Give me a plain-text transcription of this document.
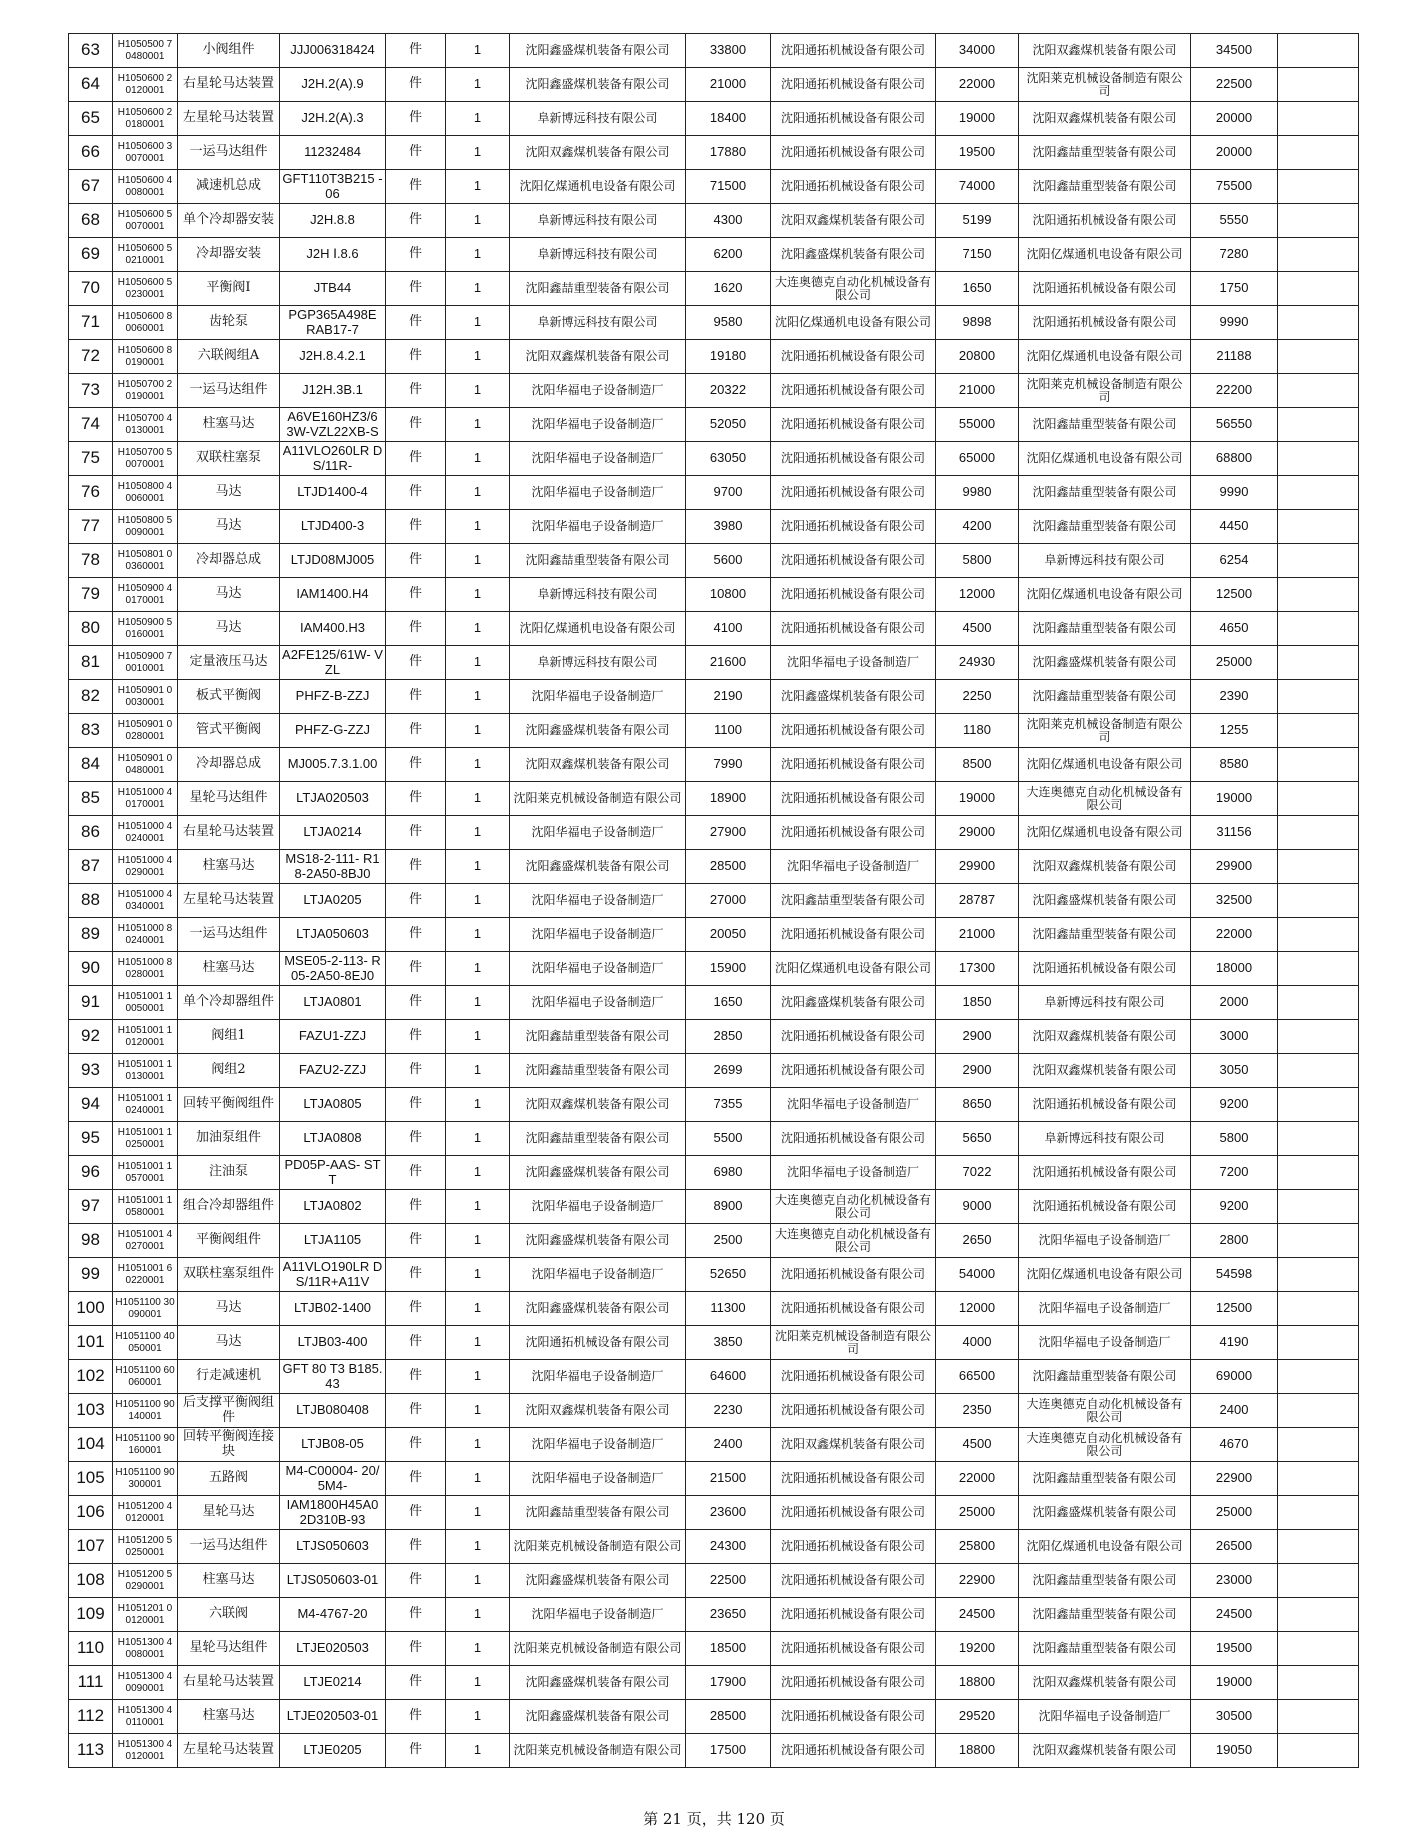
63	H1050500 70480001	小阀组件	JJJ006318424	件	1	沈阳鑫盛煤机装备有限公司	33800	沈阳通拓机械设备有限公司	34000	沈阳双鑫煤机装备有限公司	34500	
64	H1050600 20120001	右星轮马达装置	J2H.2(A).9	件	1	沈阳鑫盛煤机装备有限公司	21000	沈阳通拓机械设备有限公司	22000	沈阳莱克机械设备制造有限公司	22500	
65	H1050600 20180001	左星轮马达装置	J2H.2(A).3	件	1	阜新博远科技有限公司	18400	沈阳通拓机械设备有限公司	19000	沈阳双鑫煤机装备有限公司	20000	
66	H1050600 30070001	一运马达组件	11232484	件	1	沈阳双鑫煤机装备有限公司	17880	沈阳通拓机械设备有限公司	19500	沈阳鑫喆重型装备有限公司	20000	
67	H1050600 40080001	减速机总成	GFT110T3B215 -06	件	1	沈阳亿煤通机电设备有限公司	71500	沈阳通拓机械设备有限公司	74000	沈阳鑫喆重型装备有限公司	75500	
68	H1050600 50070001	单个冷却器安装	J2H.8.8	件	1	阜新博远科技有限公司	4300	沈阳双鑫煤机装备有限公司	5199	沈阳通拓机械设备有限公司	5550	
69	H1050600 50210001	冷却器安装	J2H Ⅰ.8.6	件	1	阜新博远科技有限公司	6200	沈阳鑫盛煤机装备有限公司	7150	沈阳亿煤通机电设备有限公司	7280	
70	H1050600 50230001	平衡阀Ⅰ	JTB44	件	1	沈阳鑫喆重型装备有限公司	1620	大连奥德克自动化机械设备有限公司	1650	沈阳通拓机械设备有限公司	1750	
71	H1050600 80060001	齿轮泵	PGP365A498E RAB17-7	件	1	阜新博远科技有限公司	9580	沈阳亿煤通机电设备有限公司	9898	沈阳通拓机械设备有限公司	9990	
72	H1050600 80190001	六联阀组A	J2H.8.4.2.1	件	1	沈阳双鑫煤机装备有限公司	19180	沈阳通拓机械设备有限公司	20800	沈阳亿煤通机电设备有限公司	21188	
73	H1050700 20190001	一运马达组件	J12H.3B.1	件	1	沈阳华福电子设备制造厂	20322	沈阳通拓机械设备有限公司	21000	沈阳莱克机械设备制造有限公司	22200	
74	H1050700 40130001	柱塞马达	A6VE160HZ3/6 3W-VZL22XB-S	件	1	沈阳华福电子设备制造厂	52050	沈阳通拓机械设备有限公司	55000	沈阳鑫喆重型装备有限公司	56550	
75	H1050700 50070001	双联柱塞泵	A11VLO260LR DS/11R-	件	1	沈阳华福电子设备制造厂	63050	沈阳通拓机械设备有限公司	65000	沈阳亿煤通机电设备有限公司	68800	
76	H1050800 40060001	马达	LTJD1400-4	件	1	沈阳华福电子设备制造厂	9700	沈阳通拓机械设备有限公司	9980	沈阳鑫喆重型装备有限公司	9990	
77	H1050800 50090001	马达	LTJD400-3	件	1	沈阳华福电子设备制造厂	3980	沈阳通拓机械设备有限公司	4200	沈阳鑫喆重型装备有限公司	4450	
78	H1050801 00360001	冷却器总成	LTJD08MJ005	件	1	沈阳鑫喆重型装备有限公司	5600	沈阳通拓机械设备有限公司	5800	阜新博远科技有限公司	6254	
79	H1050900 40170001	马达	IAM1400.H4	件	1	阜新博远科技有限公司	10800	沈阳通拓机械设备有限公司	12000	沈阳亿煤通机电设备有限公司	12500	
80	H1050900 50160001	马达	IAM400.H3	件	1	沈阳亿煤通机电设备有限公司	4100	沈阳通拓机械设备有限公司	4500	沈阳鑫喆重型装备有限公司	4650	
81	H1050900 70010001	定量液压马达	A2FE125/61W- VZL	件	1	阜新博远科技有限公司	21600	沈阳华福电子设备制造厂	24930	沈阳鑫盛煤机装备有限公司	25000	
82	H1050901 00030001	板式平衡阀	PHFZ-B-ZZJ	件	1	沈阳华福电子设备制造厂	2190	沈阳鑫盛煤机装备有限公司	2250	沈阳鑫喆重型装备有限公司	2390	
83	H1050901 00280001	管式平衡阀	PHFZ-G-ZZJ	件	1	沈阳鑫盛煤机装备有限公司	1100	沈阳通拓机械设备有限公司	1180	沈阳莱克机械设备制造有限公司	1255	
84	H1050901 00480001	冷却器总成	MJ005.7.3.1.00	件	1	沈阳双鑫煤机装备有限公司	7990	沈阳通拓机械设备有限公司	8500	沈阳亿煤通机电设备有限公司	8580	
85	H1051000 40170001	星轮马达组件	LTJA020503	件	1	沈阳莱克机械设备制造有限公司	18900	沈阳通拓机械设备有限公司	19000	大连奥德克自动化机械设备有限公司	19000	
86	H1051000 40240001	右星轮马达装置	LTJA0214	件	1	沈阳华福电子设备制造厂	27900	沈阳通拓机械设备有限公司	29000	沈阳亿煤通机电设备有限公司	31156	
87	H1051000 40290001	柱塞马达	MS18-2-111- R18-2A50-8BJ0	件	1	沈阳鑫盛煤机装备有限公司	28500	沈阳华福电子设备制造厂	29900	沈阳双鑫煤机装备有限公司	29900	
88	H1051000 40340001	左星轮马达装置	LTJA0205	件	1	沈阳华福电子设备制造厂	27000	沈阳鑫喆重型装备有限公司	28787	沈阳鑫盛煤机装备有限公司	32500	
89	H1051000 80240001	一运马达组件	LTJA050603	件	1	沈阳华福电子设备制造厂	20050	沈阳通拓机械设备有限公司	21000	沈阳鑫喆重型装备有限公司	22000	
90	H1051000 80280001	柱塞马达	MSE05-2-113- R05-2A50-8EJ0	件	1	沈阳华福电子设备制造厂	15900	沈阳亿煤通机电设备有限公司	17300	沈阳通拓机械设备有限公司	18000	
91	H1051001 10050001	单个冷却器组件	LTJA0801	件	1	沈阳华福电子设备制造厂	1650	沈阳鑫盛煤机装备有限公司	1850	阜新博远科技有限公司	2000	
92	H1051001 10120001	阀组1	FAZU1-ZZJ	件	1	沈阳鑫喆重型装备有限公司	2850	沈阳通拓机械设备有限公司	2900	沈阳双鑫煤机装备有限公司	3000	
93	H1051001 10130001	阀组2	FAZU2-ZZJ	件	1	沈阳鑫喆重型装备有限公司	2699	沈阳通拓机械设备有限公司	2900	沈阳双鑫煤机装备有限公司	3050	
94	H1051001 10240001	回转平衡阀组件	LTJA0805	件	1	沈阳双鑫煤机装备有限公司	7355	沈阳华福电子设备制造厂	8650	沈阳通拓机械设备有限公司	9200	
95	H1051001 10250001	加油泵组件	LTJA0808	件	1	沈阳鑫喆重型装备有限公司	5500	沈阳通拓机械设备有限公司	5650	阜新博远科技有限公司	5800	
96	H1051001 10570001	注油泵	PD05P-AAS- STT	件	1	沈阳鑫盛煤机装备有限公司	6980	沈阳华福电子设备制造厂	7022	沈阳通拓机械设备有限公司	7200	
97	H1051001 10580001	组合冷却器组件	LTJA0802	件	1	沈阳华福电子设备制造厂	8900	大连奥德克自动化机械设备有限公司	9000	沈阳通拓机械设备有限公司	9200	
98	H1051001 40270001	平衡阀组件	LTJA1105	件	1	沈阳鑫盛煤机装备有限公司	2500	大连奥德克自动化机械设备有限公司	2650	沈阳华福电子设备制造厂	2800	
99	H1051001 60220001	双联柱塞泵组件	A11VLO190LR DS/11R+A11V	件	1	沈阳华福电子设备制造厂	52650	沈阳通拓机械设备有限公司	54000	沈阳亿煤通机电设备有限公司	54598	
100	H1051100 30090001	马达	LTJB02-1400	件	1	沈阳鑫盛煤机装备有限公司	11300	沈阳通拓机械设备有限公司	12000	沈阳华福电子设备制造厂	12500	
101	H1051100 40050001	马达	LTJB03-400	件	1	沈阳通拓机械设备有限公司	3850	沈阳莱克机械设备制造有限公司	4000	沈阳华福电子设备制造厂	4190	
102	H1051100 60060001	行走减速机	GFT 80 T3 B185.43	件	1	沈阳华福电子设备制造厂	64600	沈阳通拓机械设备有限公司	66500	沈阳鑫喆重型装备有限公司	69000	
103	H1051100 90140001	后支撑平衡阀组件	LTJB080408	件	1	沈阳双鑫煤机装备有限公司	2230	沈阳通拓机械设备有限公司	2350	大连奥德克自动化机械设备有限公司	2400	
104	H1051100 90160001	回转平衡阀连接块	LTJB08-05	件	1	沈阳华福电子设备制造厂	2400	沈阳双鑫煤机装备有限公司	4500	大连奥德克自动化机械设备有限公司	4670	
105	H1051100 90300001	五路阀	M4-C00004- 20/5M4-	件	1	沈阳华福电子设备制造厂	21500	沈阳通拓机械设备有限公司	22000	沈阳鑫喆重型装备有限公司	22900	
106	H1051200 40120001	星轮马达	IAM1800H45A0 2D310B-93	件	1	沈阳鑫喆重型装备有限公司	23600	沈阳通拓机械设备有限公司	25000	沈阳鑫盛煤机装备有限公司	25000	
107	H1051200 50250001	一运马达组件	LTJS050603	件	1	沈阳莱克机械设备制造有限公司	24300	沈阳通拓机械设备有限公司	25800	沈阳亿煤通机电设备有限公司	26500	
108	H1051200 50290001	柱塞马达	LTJS050603-01	件	1	沈阳鑫盛煤机装备有限公司	22500	沈阳通拓机械设备有限公司	22900	沈阳鑫喆重型装备有限公司	23000	
109	H1051201 00120001	六联阀	M4-4767-20	件	1	沈阳华福电子设备制造厂	23650	沈阳通拓机械设备有限公司	24500	沈阳鑫喆重型装备有限公司	24500	
110	H1051300 40080001	星轮马达组件	LTJE020503	件	1	沈阳莱克机械设备制造有限公司	18500	沈阳通拓机械设备有限公司	19200	沈阳鑫喆重型装备有限公司	19500	
111	H1051300 40090001	右星轮马达装置	LTJE0214	件	1	沈阳鑫盛煤机装备有限公司	17900	沈阳通拓机械设备有限公司	18800	沈阳双鑫煤机装备有限公司	19000	
112	H1051300 40110001	柱塞马达	LTJE020503-01	件	1	沈阳鑫盛煤机装备有限公司	28500	沈阳通拓机械设备有限公司	29520	沈阳华福电子设备制造厂	30500	
113	H1051300 40120001	左星轮马达装置	LTJE0205	件	1	沈阳莱克机械设备制造有限公司	17500	沈阳通拓机械设备有限公司	18800	沈阳双鑫煤机装备有限公司	19050	
第 21 页，共 120 页
